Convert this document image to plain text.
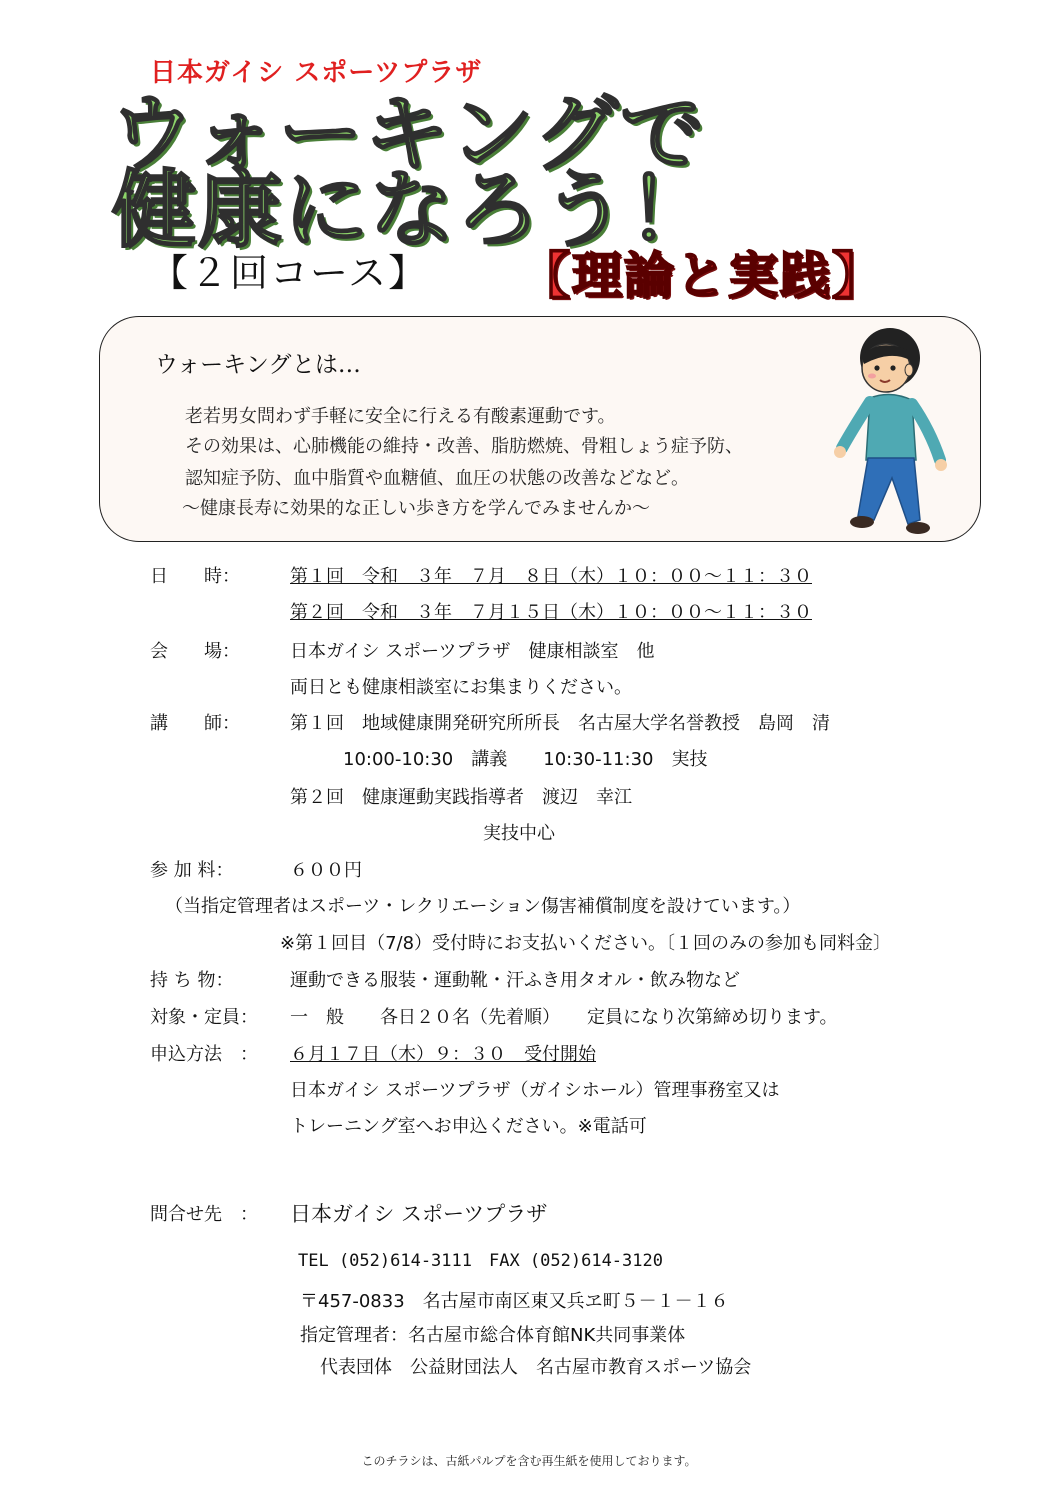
日本ガイシ スポーツプラザ
ウォーキングで
健康になろう！
【２回コース】 【理論と実践】
ウォーキングとは…
老若男女問わず手軽に安全に行える有酸素運動です。
その効果は、心肺機能の維持・改善、脂肪燃焼、骨粗しょう症予防、
認知症予防、血中脂質や血糖値、血圧の状態の改善などなど。
～健康長寿に効果的な正しい歩き方を学んでみませんか～
日　　時：	第１回　令和　３年　７月　８日（木）１０：００～１１：３０
第２回　令和　３年　７月１５日（木）１０：００～１１：３０
会　　場：	日本ガイシ スポーツプラザ　健康相談室　他
両日とも健康相談室にお集まりください。
講　　師：	第１回　地域健康開発研究所所長　名古屋大学名誉教授　島岡　清
10:00-10:30　講義　　10:30-11:30　実技
第２回　健康運動実践指導者　渡辺　幸江
実技中心
参 加 料：	６００円
（当指定管理者はスポーツ・レクリエーション傷害補償制度を設けています。）
※第１回目（7/8）受付時にお支払いください。〔１回のみの参加も同料金〕
持 ち 物：	運動できる服装・運動靴・汗ふき用タオル・飲み物など
対象・定員： 一　般　　各日２０名（先着順）　　定員になり次第締め切ります。
申込方法　： ６月１７日（木）９：３０　受付開始
日本ガイシ スポーツプラザ（ガイシホール）管理事務室又は
トレーニング室へお申込ください。※電話可
問合せ先　： 日本ガイシ スポーツプラザ
TEL (052)614-3111　FAX (052)614-3120
〒457-0833　名古屋市南区東又兵ヱ町５－１－１６
指定管理者：名古屋市総合体育館NK共同事業体
代表団体　公益財団法人　名古屋市教育スポーツ協会
このチラシは、古紙パルプを含む再生紙を使用しております。
